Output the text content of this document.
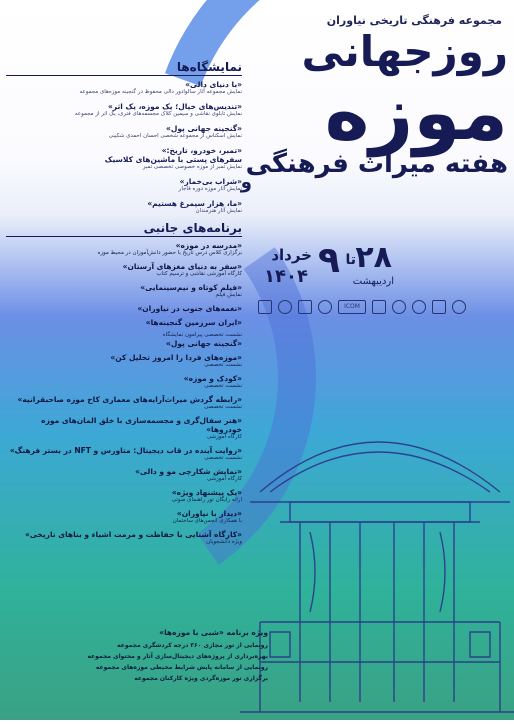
مجموعه فرهنگی تاریخی نیاوران
روزجهانی
موزه
هفته میراث فرهنگی
و
۲۸
تا
۹
خرداد
اردیبهشت
۱۴۰۴
ICOM
نمایشگاه‌ها
«با دنیای دالی»
نمایش مجموعه آثار سالوادور دالی محفوظ در گنجینه موزه‌های مجموعه
«تندیس‌های خیال؛ یک موزه، یک اثر»
نمایش تابلوی نقاشی و سیمین کلاک مجسمه‌های فتری، یک اثر از مجموعه
«گنجینه جهانی پول»
نمایش اسکناس از مجموعه شخصی احسان احمدی شکیبی
«تمبر، خودرو، تاریخ:»
سفرهای پستی با ماشین‌های کلاسیک
نمایش تمبر از موزه خصوصی تخصصی تمبر
«شراب بی‌خمار»
نمایش آثار موزه دوره قاجار
«ما، هزار سیمرغ هستیم»
نمایش آثار هنرمندان
برنامه‌های جانبی
«مدرسه در موزه»
برگزاری کلاس درس تاریخ با حضور دانش‌آموزان در محیط موزه
«سفر به دنیای مغزهای آرستان»
کارگاه آموزشی نقاشی و ترسیم کتاب
«فیلم کوتاه و نیم‌سینمایی»
نمایش فیلم
«نغمه‌های جنوب در نیاوران»
«ایران سرزمین گنجینه‌ها»
نشست تخصصی پیرامون نمایشگاه
«گنجینه جهانی پول»
«موزه‌های فردا را امروز تحلیل کن»
نشست تخصصی
«کودک و موزه»
نشست تخصصی
«رابطه گردش میراث‌آرایه‌های معماری کاخ موزه صاحبقرانیه»
نشست تخصصی
«هنر سفال‌گری و مجسمه‌سازی با خلق المان‌های موزه خودروها»
کارگاه آموزشی
«روایت آینده در قاب دیجیتال: متاورس و NFT در بستر فرهنگ»
نشست تخصصی
«نمایش شکارچی مو و دالی»
کارگاه آموزشی
«یک پیشنهاد ویژه»
ارائه رایگان تور راهنمای صوتی
«دیدار با نیاوران»
با همکاری انجمن‌های ساختمان
«کارگاه آشنایی با حفاظت و مرمت اشیاء و بناهای تاریخی»
ویژه دانشجویان
ویژه برنامه «شبی با موزه‌ها»
رونمایی از تور مجازی ۳۶۰ درجه کردشگری مجموعه
بهره‌برداری از پروژه‌های دیجیتال‌سازی آثار و محتوای مجموعه
رونمایی از سامانه پایش شرایط محیطی موزه‌های مجموعه
برگزاری تور موزه‌گردی ویژه کارکنان مجموعه
